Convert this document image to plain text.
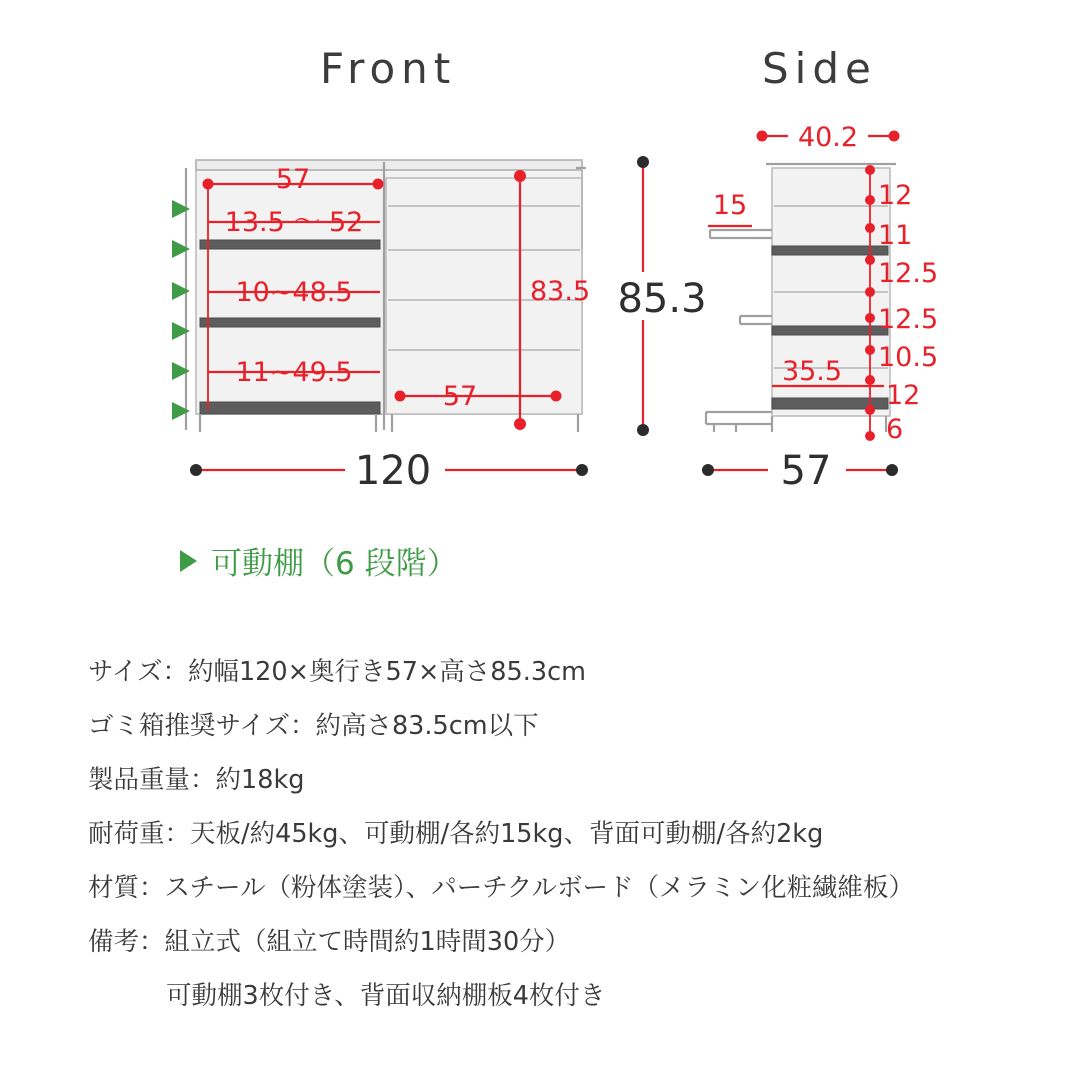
Front	Side
57
13.5 〜 52
10~48.5
11~49.5
83.5
57
120
85.3
40.2
15
35.5
12
11
12.5
12.5
10.5
12
6
57
可動棚（6 段階）
サイズ：約幅120×奥行き57×高さ85.3cm
ゴミ箱推奨サイズ：約高さ83.5cm以下
製品重量：約18kg
耐荷重：天板/約45kg、可動棚/各約15kg、背面可動棚/各約2kg
材質：スチール（粉体塗装）、パーチクルボード（メラミン化粧繊維板）
備考：組立式（組立て時間約1時間30分）
可動棚3枚付き、背面収納棚板4枚付き
